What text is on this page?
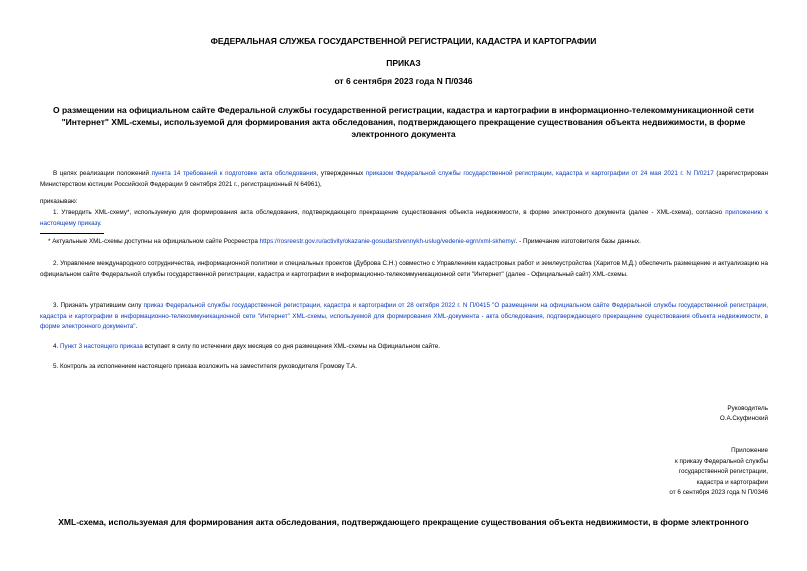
ФЕДЕРАЛЬНАЯ СЛУЖБА ГОСУДАРСТВЕННОЙ РЕГИСТРАЦИИ, КАДАСТРА И КАРТОГРАФИИ
ПРИКАЗ
от 6 сентября 2023 года N П/0346
О размещении на официальном сайте Федеральной службы государственной регистрации, кадастра и картографии в информационно-телекоммуникационной сети "Интернет" XML-схемы, используемой для формирования акта обследования, подтверждающего прекращение существования объекта недвижимости, в форме электронного документа
В целях реализации положений пункта 14 требований к подготовке акта обследования, утвержденных приказом Федеральной службы государственной регистрации, кадастра и картографии от 24 мая 2021 г. N П/0217 (зарегистрирован Министерством юстиции Российской Федерации 9 сентября 2021 г., регистрационный N 64961),
приказываю:
1. Утвердить XML-схему*, используемую для формирования акта обследования, подтверждающего прекращение существования объекта недвижимости, в форме электронного документа (далее - XML-схема), согласно приложению к настоящему приказу.
* Актуальные XML-схемы доступны на официальном сайте Росреестра https://rosreestr.gov.ru/activity/okazanie-gosudarstvennykh-uslug/vedenie-egrn/xml-skhemy/. - Примечание изготовителя базы данных.
2. Управление международного сотрудничества, информационной политики и специальных проектов (Дуброва С.Н.) совместно с Управлением кадастровых работ и землеустройства (Харитов М.Д.) обеспечить размещение и актуализацию на официальном сайте Федеральной службы государственной регистрации, кадастра и картографии в информационно-телекоммуникационной сети "Интернет" (далее - Официальный сайт) XML-схемы.
3. Признать утратившим силу приказ Федеральной службы государственной регистрации, кадастра и картографии от 28 октября 2022 г. N П/0415 "О размещении на официальном сайте Федеральной службы государственной регистрации, кадастра и картографии в информационно-телекоммуникационной сети "Интернет" XML-схемы, используемой для формирования XML-документа - акта обследования, подтверждающего прекращение существования объекта недвижимости, в форме электронного документа".
4. Пункт 3 настоящего приказа вступает в силу по истечении двух месяцев со дня размещения XML-схемы на Официальном сайте.
5. Контроль за исполнением настоящего приказа возложить на заместителя руководителя Громову Т.А.
Руководитель
О.А.Скуфинский
Приложение
к приказу Федеральной службы
государственной регистрации,
кадастра и картографии
от 6 сентября 2023 года N П/0346
XML-схема, используемая для формирования акта обследования, подтверждающего прекращение существования объекта недвижимости, в форме электронного
